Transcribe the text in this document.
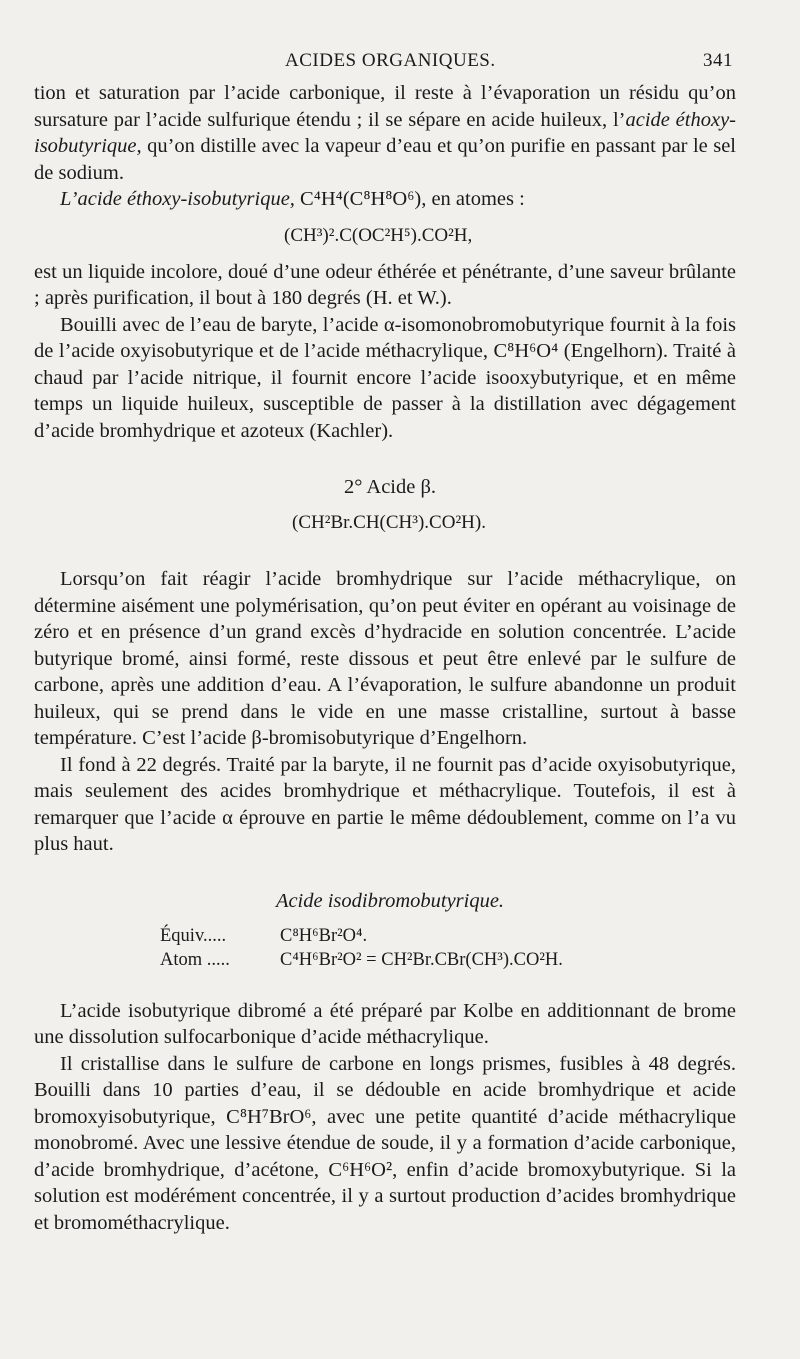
ACIDES ORGANIQUES.	341

tion et saturation par l’acide carbonique, il reste à l’évaporation un résidu qu’on sursature par l’acide sulfurique étendu ; il se sépare en acide huileux, l’acide éthoxy-isobutyrique, qu’on distille avec la vapeur d’eau et qu’on purifie en passant par le sel de sodium.

L’acide éthoxy-isobutyrique, C⁴H⁴(C⁸H⁸O⁶), en atomes :

(CH³)².C(OC²H⁵).CO²H,

est un liquide incolore, doué d’une odeur éthérée et pénétrante, d’une saveur brûlante ; après purification, il bout à 180 degrés (H. et W.).

Bouilli avec de l’eau de baryte, l’acide α-isomonobromobutyrique fournit à la fois de l’acide oxyisobutyrique et de l’acide méthacrylique, C⁸H⁶O⁴ (Engelhorn). Traité à chaud par l’acide nitrique, il fournit encore l’acide isooxybutyrique, et en même temps un liquide huileux, susceptible de passer à la distillation avec dégagement d’acide bromhydrique et azoteux (Kachler).

2° Acide β.
(CH²Br.CH(CH³).CO²H).

Lorsqu’on fait réagir l’acide bromhydrique sur l’acide méthacrylique, on détermine aisément une polymérisation, qu’on peut éviter en opérant au voisinage de zéro et en présence d’un grand excès d’hydracide en solution concentrée. L’acide butyrique bromé, ainsi formé, reste dissous et peut être enlevé par le sulfure de carbone, après une addition d’eau. A l’évaporation, le sulfure abandonne un produit huileux, qui se prend dans le vide en une masse cristalline, surtout à basse température. C’est l’acide β-bromisobutyrique d’Engelhorn.

Il fond à 22 degrés. Traité par la baryte, il ne fournit pas d’acide oxyisobutyrique, mais seulement des acides bromhydrique et méthacrylique. Toutefois, il est à remarquer que l’acide α éprouve en partie le même dédoublement, comme on l’a vu plus haut.

Acide isodibromobutyrique.
Équiv.....	C⁸H⁶Br²O⁴.
Atom .....	C⁴H⁶Br²O² = CH²Br.CBr(CH³).CO²H.

L’acide isobutyrique dibromé a été préparé par Kolbe en additionnant de brome une dissolution sulfocarbonique d’acide méthacrylique.

Il cristallise dans le sulfure de carbone en longs prismes, fusibles à 48 degrés. Bouilli dans 10 parties d’eau, il se dédouble en acide bromhydrique et acide bromoxyisobutyrique, C⁸H⁷BrO⁶, avec une petite quantité d’acide méthacrylique monobromé. Avec une lessive étendue de soude, il y a formation d’acide carbonique, d’acide bromhydrique, d’acétone, C⁶H⁶O², enfin d’acide bromoxybutyrique. Si la solution est modérément concentrée, il y a surtout production d’acides bromhydrique et bromométhacrylique.
